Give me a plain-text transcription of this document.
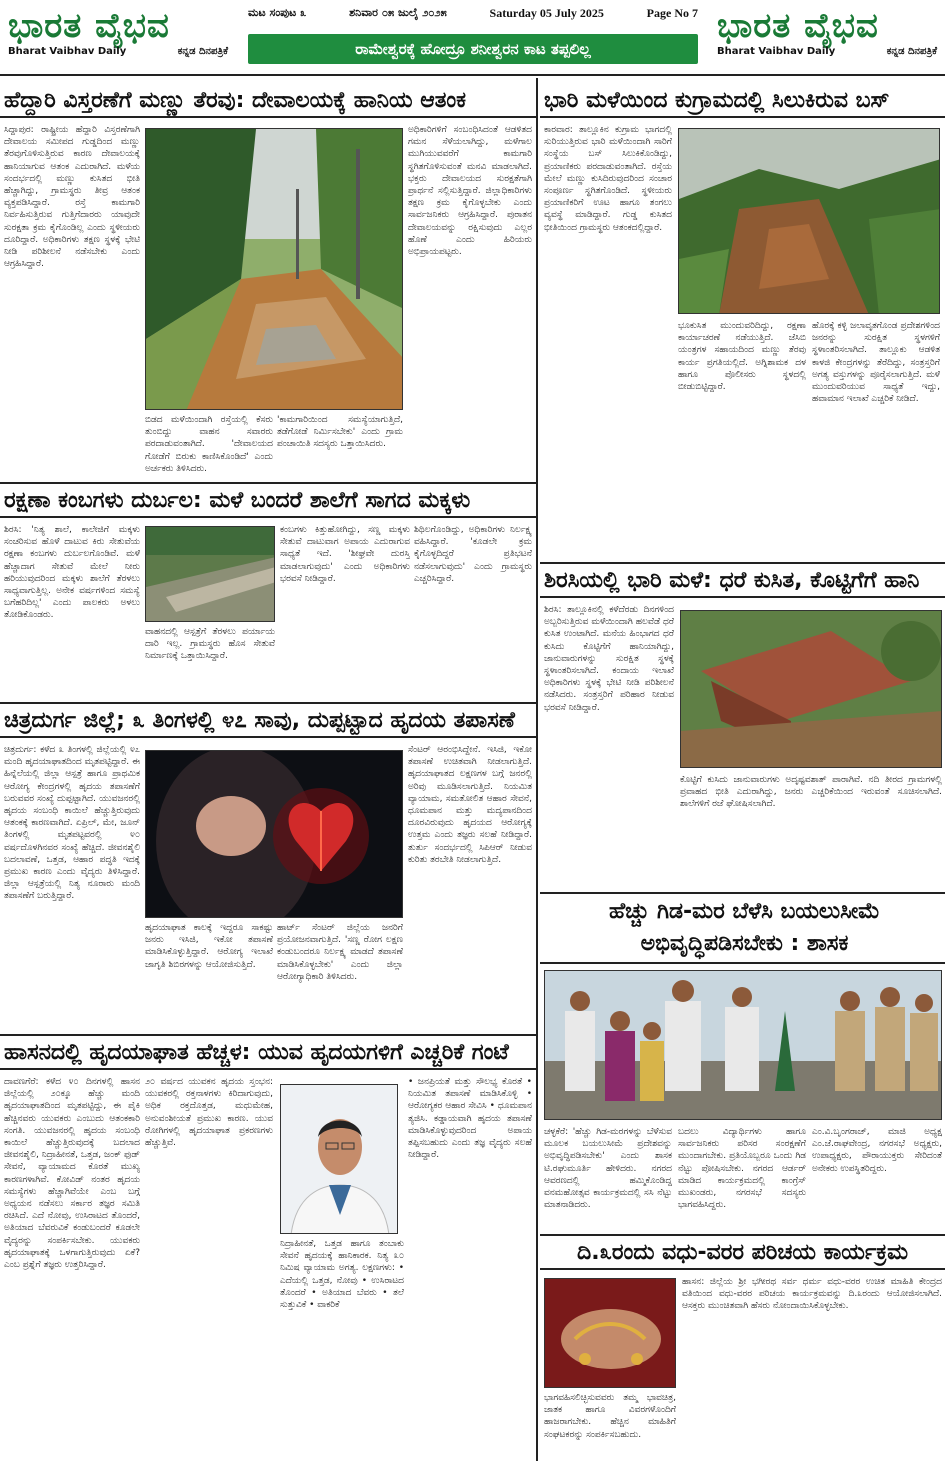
ಭಾರತ ವೈಭವ
Bharat Vaibhav Daily	ಕನ್ನಡ ದಿನಪತ್ರಿಕೆ
ಮಟ ಸಂಪುಟ ೩	ಶನಿವಾರ ೦೫ ಜುಲೈ ೨೦೨೫	Saturday 05 July 2025	Page No 7
ರಾಮೇಶ್ವರಕ್ಕೆ ಹೋದ್ರೂ ಶನೀಶ್ವರನ ಕಾಟ ತಪ್ಪಲಿಲ್ಲ
ಭಾರತ ವೈಭವ
Bharat Vaibhav Daily	ಕನ್ನಡ ದಿನಪತ್ರಿಕೆ
ಹೆದ್ದಾರಿ ವಿಸ್ತರಣೆಗೆ ಮಣ್ಣು ತೆರವು: ದೇವಾಲಯಕ್ಕೆ ಹಾನಿಯ ಆತಂಕ
ಸಿದ್ದಾಪುರ: ರಾಷ್ಟ್ರೀಯ ಹೆದ್ದಾರಿ ವಿಸ್ತರಣೆಗಾಗಿ ದೇವಾಲಯ ಸಮೀಪದ ಗುಡ್ಡದಿಂದ ಮಣ್ಣು ತೆರವುಗೊಳಿಸುತ್ತಿರುವ ಕಾರಣ ದೇವಾಲಯಕ್ಕೆ ಹಾನಿಯಾಗುವ ಆತಂಕ ಎದುರಾಗಿದೆ. ಮಳೆಯ ಸಂದರ್ಭದಲ್ಲಿ ಮಣ್ಣು ಕುಸಿತದ ಭೀತಿ ಹೆಚ್ಚಾಗಿದ್ದು, ಗ್ರಾಮಸ್ಥರು ತೀವ್ರ ಆತಂಕ ವ್ಯಕ್ತಪಡಿಸಿದ್ದಾರೆ. ರಸ್ತೆ ಕಾಮಗಾರಿ ನಿರ್ವಹಿಸುತ್ತಿರುವ ಗುತ್ತಿಗೆದಾರರು ಯಾವುದೇ ಸುರಕ್ಷತಾ ಕ್ರಮ ಕೈಗೊಂಡಿಲ್ಲ ಎಂದು ಸ್ಥಳೀಯರು ದೂರಿದ್ದಾರೆ. ಅಧಿಕಾರಿಗಳು ತಕ್ಷಣ ಸ್ಥಳಕ್ಕೆ ಭೇಟಿ ನೀಡಿ ಪರಿಶೀಲನೆ ನಡೆಸಬೇಕು ಎಂದು ಆಗ್ರಹಿಸಿದ್ದಾರೆ.
ಬಿಡದ ಮಳೆಯಿಂದಾಗಿ ರಸ್ತೆಯಲ್ಲಿ ಕೆಸರು ತುಂಬಿದ್ದು ವಾಹನ ಸವಾರರು ಪರದಾಡುವಂತಾಗಿದೆ. 'ದೇವಾಲಯದ ಗೋಡೆಗೆ ಬಿರುಕು ಕಾಣಿಸಿಕೊಂಡಿದೆ' ಎಂದು ಅರ್ಚಕರು ತಿಳಿಸಿದರು.
'ಕಾಮಗಾರಿಯಿಂದ ಸಮಸ್ಯೆಯಾಗುತ್ತಿದೆ, ತಡೆಗೋಡೆ ನಿರ್ಮಿಸಬೇಕು' ಎಂದು ಗ್ರಾಮ ಪಂಚಾಯಿತಿ ಸದಸ್ಯರು ಒತ್ತಾಯಿಸಿದರು.
ಅಧಿಕಾರಿಗಳಿಗೆ ಸಂಬಂಧಿಸಿದಂತೆ ಆಡಳಿತದ ಗಮನ ಸೆಳೆಯಲಾಗಿದ್ದು, ಮಳೆಗಾಲ ಮುಗಿಯುವವರೆಗೆ ಕಾಮಗಾರಿ ಸ್ಥಗಿತಗೊಳಿಸುವಂತೆ ಮನವಿ ಮಾಡಲಾಗಿದೆ. ಭಕ್ತರು ದೇವಾಲಯದ ಸುರಕ್ಷತೆಗಾಗಿ ಪ್ರಾರ್ಥನೆ ಸಲ್ಲಿಸುತ್ತಿದ್ದಾರೆ. ಜಿಲ್ಲಾಧಿಕಾರಿಗಳು ತಕ್ಷಣ ಕ್ರಮ ಕೈಗೊಳ್ಳಬೇಕು ಎಂದು ಸಾರ್ವಜನಿಕರು ಆಗ್ರಹಿಸಿದ್ದಾರೆ. ಪುರಾತನ ದೇವಾಲಯವನ್ನು ರಕ್ಷಿಸುವುದು ಎಲ್ಲರ ಹೊಣೆ ಎಂದು ಹಿರಿಯರು ಅಭಿಪ್ರಾಯಪಟ್ಟರು.
ರಕ್ಷಣಾ ಕಂಬಗಳು ದುರ್ಬಲ: ಮಳೆ ಬಂದರೆ ಶಾಲೆಗೆ ಸಾಗದ ಮಕ್ಕಳು
ಶಿರಸಿ: 'ನಿತ್ಯ ಶಾಲೆ, ಕಾಲೇಜಿಗೆ ಮಕ್ಕಳು ಸಂಚರಿಸುವ ಹೊಳೆ ದಾಟುವ ಕಿರು ಸೇತುವೆಯ ರಕ್ಷಣಾ ಕಂಬಗಳು ದುರ್ಬಲಗೊಂಡಿವೆ. ಮಳೆ ಹೆಚ್ಚಾದಾಗ ಸೇತುವೆ ಮೇಲೆ ನೀರು ಹರಿಯುವುದರಿಂದ ಮಕ್ಕಳು ಶಾಲೆಗೆ ತೆರಳಲು ಸಾಧ್ಯವಾಗುತ್ತಿಲ್ಲ. ಅನೇಕ ವರ್ಷಗಳಿಂದ ಸಮಸ್ಯೆ ಬಗೆಹರಿದಿಲ್ಲ' ಎಂದು ಪಾಲಕರು ಅಳಲು ತೋಡಿಕೊಂಡರು.
ವಾಹನದಲ್ಲಿ ಆಸ್ಪತ್ರೆಗೆ ತೆರಳಲು ಪರ್ಯಾಯ ದಾರಿ ಇಲ್ಲ. ಗ್ರಾಮಸ್ಥರು ಹೊಸ ಸೇತುವೆ ನಿರ್ಮಾಣಕ್ಕೆ ಒತ್ತಾಯಿಸಿದ್ದಾರೆ.
ಕಂಬಗಳು ಕಿತ್ತುಹೋಗಿದ್ದು, ಸಣ್ಣ ಮಕ್ಕಳು ಸೇತುವೆ ದಾಟುವಾಗ ಅಪಾಯ ಎದುರಾಗುವ ಸಾಧ್ಯತೆ ಇದೆ. 'ಶೀಘ್ರವೇ ದುರಸ್ತಿ ಮಾಡಲಾಗುವುದು' ಎಂದು ಅಧಿಕಾರಿಗಳು ಭರವಸೆ ನೀಡಿದ್ದಾರೆ.
ಶಿಥಿಲಗೊಂಡಿದ್ದು, ಅಧಿಕಾರಿಗಳು ನಿರ್ಲಕ್ಷ್ಯ ವಹಿಸಿದ್ದಾರೆ. 'ಕೂಡಲೇ ಕ್ರಮ ಕೈಗೊಳ್ಳದಿದ್ದರೆ ಪ್ರತಿಭಟನೆ ನಡೆಸಲಾಗುವುದು' ಎಂದು ಗ್ರಾಮಸ್ಥರು ಎಚ್ಚರಿಸಿದ್ದಾರೆ.
ಚಿತ್ರದುರ್ಗ ಜಿಲ್ಲೆ; ೩ ತಿಂಗಳಲ್ಲಿ ೪೭ ಸಾವು, ದುಪ್ಪಟ್ಟಾದ ಹೃದಯ ತಪಾಸಣೆ
ಚಿತ್ರದುರ್ಗ: ಕಳೆದ ೩ ತಿಂಗಳಲ್ಲಿ ಜಿಲ್ಲೆಯಲ್ಲಿ ೪೭ ಮಂದಿ ಹೃದಯಾಘಾತದಿಂದ ಮೃತಪಟ್ಟಿದ್ದಾರೆ. ಈ ಹಿನ್ನೆಲೆಯಲ್ಲಿ ಜಿಲ್ಲಾ ಆಸ್ಪತ್ರೆ ಹಾಗೂ ಪ್ರಾಥಮಿಕ ಆರೋಗ್ಯ ಕೇಂದ್ರಗಳಲ್ಲಿ ಹೃದಯ ತಪಾಸಣೆಗೆ ಬರುವವರ ಸಂಖ್ಯೆ ದುಪ್ಪಟ್ಟಾಗಿದೆ. ಯುವಜನರಲ್ಲಿ ಹೃದಯ ಸಂಬಂಧಿ ಕಾಯಿಲೆ ಹೆಚ್ಚುತ್ತಿರುವುದು ಆತಂಕಕ್ಕೆ ಕಾರಣವಾಗಿದೆ. ಏಪ್ರಿಲ್, ಮೇ, ಜೂನ್ ತಿಂಗಳಲ್ಲಿ ಮೃತಪಟ್ಟವರಲ್ಲಿ ೪೦ ವರ್ಷದೊಳಗಿನವರ ಸಂಖ್ಯೆ ಹೆಚ್ಚಿದೆ. ಜೀವನಶೈಲಿ ಬದಲಾವಣೆ, ಒತ್ತಡ, ಆಹಾರ ಪದ್ಧತಿ ಇದಕ್ಕೆ ಪ್ರಮುಖ ಕಾರಣ ಎಂದು ವೈದ್ಯರು ತಿಳಿಸಿದ್ದಾರೆ. ಜಿಲ್ಲಾ ಆಸ್ಪತ್ರೆಯಲ್ಲಿ ನಿತ್ಯ ನೂರಾರು ಮಂದಿ ತಪಾಸಣೆಗೆ ಬರುತ್ತಿದ್ದಾರೆ.
ಹೃದಯಾಘಾತ ಕಾಲಕ್ಕೆ ಇದ್ದರೂ ಸಾಕಷ್ಟು ಜನರು ಇಸಿಜಿ, ಇಕೋ ತಪಾಸಣೆ ಮಾಡಿಸಿಕೊಳ್ಳುತ್ತಿದ್ದಾರೆ. ಆರೋಗ್ಯ ಇಲಾಖೆ ಜಾಗೃತಿ ಶಿಬಿರಗಳನ್ನು ಆಯೋಜಿಸುತ್ತಿದೆ.
ಹಾರ್ಟ್ ಸೆಂಟರ್ ಜಿಲ್ಲೆಯ ಜನರಿಗೆ ಪ್ರಯೋಜನವಾಗುತ್ತಿದೆ. 'ಸಣ್ಣ ರೋಗ ಲಕ್ಷಣ ಕಂಡುಬಂದರೂ ನಿರ್ಲಕ್ಷ್ಯ ಮಾಡದೆ ತಪಾಸಣೆ ಮಾಡಿಸಿಕೊಳ್ಳಬೇಕು' ಎಂದು ಜಿಲ್ಲಾ ಆರೋಗ್ಯಾಧಿಕಾರಿ ತಿಳಿಸಿದರು.
ಸೆಂಟರ್ ಆರಂಭಿಸಿದ್ದೇನೆ. ಇಸಿಜಿ, ಇಕೋ ತಪಾಸಣೆ ಉಚಿತವಾಗಿ ನೀಡಲಾಗುತ್ತಿದೆ. ಹೃದಯಾಘಾತದ ಲಕ್ಷಣಗಳ ಬಗ್ಗೆ ಜನರಲ್ಲಿ ಅರಿವು ಮೂಡಿಸಲಾಗುತ್ತಿದೆ. ನಿಯಮಿತ ವ್ಯಾಯಾಮ, ಸಮತೋಲಿತ ಆಹಾರ ಸೇವನೆ, ಧೂಮಪಾನ ಮತ್ತು ಮದ್ಯಪಾನದಿಂದ ದೂರವಿರುವುದು ಹೃದಯದ ಆರೋಗ್ಯಕ್ಕೆ ಉತ್ತಮ ಎಂದು ತಜ್ಞರು ಸಲಹೆ ನೀಡಿದ್ದಾರೆ. ತುರ್ತು ಸಂದರ್ಭದಲ್ಲಿ ಸಿಪಿಆರ್ ನೀಡುವ ಕುರಿತು ತರಬೇತಿ ನೀಡಲಾಗುತ್ತಿದೆ.
ಹಾಸನದಲ್ಲಿ ಹೃದಯಾಘಾತ ಹೆಚ್ಚಳ: ಯುವ ಹೃದಯಗಳಿಗೆ ಎಚ್ಚರಿಕೆ ಗಂಟೆ
ದಾವಣಗೆರೆ: ಕಳೆದ ೪೦ ದಿನಗಳಲ್ಲಿ ಹಾಸನ ಜಿಲ್ಲೆಯಲ್ಲಿ ೨೦ಕ್ಕೂ ಹೆಚ್ಚು ಮಂದಿ ಹೃದಯಾಘಾತದಿಂದ ಮೃತಪಟ್ಟಿದ್ದು, ಈ ಪೈಕಿ ಹೆಚ್ಚಿನವರು ಯುವಕರು ಎಂಬುದು ಆತಂಕಕಾರಿ ಸಂಗತಿ. ಯುವಜನರಲ್ಲಿ ಹೃದಯ ಸಂಬಂಧಿ ಕಾಯಿಲೆ ಹೆಚ್ಚುತ್ತಿರುವುದಕ್ಕೆ ಬದಲಾದ ಜೀವನಶೈಲಿ, ನಿದ್ರಾಹೀನತೆ, ಒತ್ತಡ, ಜಂಕ್ ಫುಡ್ ಸೇವನೆ, ವ್ಯಾಯಾಮದ ಕೊರತೆ ಮುಖ್ಯ ಕಾರಣಗಳಾಗಿವೆ. ಕೋವಿಡ್ ನಂತರ ಹೃದಯ ಸಮಸ್ಯೆಗಳು ಹೆಚ್ಚಾಗಿವೆಯೇ ಎಂಬ ಬಗ್ಗೆ ಅಧ್ಯಯನ ನಡೆಸಲು ಸರ್ಕಾರ ತಜ್ಞರ ಸಮಿತಿ ರಚಿಸಿದೆ. ಎದೆ ನೋವು, ಉಸಿರಾಟದ ತೊಂದರೆ, ಅತಿಯಾದ ಬೆವರುವಿಕೆ ಕಂಡುಬಂದರೆ ಕೂಡಲೇ ವೈದ್ಯರನ್ನು ಸಂಪರ್ಕಿಸಬೇಕು. ಯುವಕರು ಹೃದಯಾಘಾತಕ್ಕೆ ಒಳಗಾಗುತ್ತಿರುವುದು ಏಕೆ? ಎಂಬ ಪ್ರಶ್ನೆಗೆ ತಜ್ಞರು ಉತ್ತರಿಸಿದ್ದಾರೆ.
೨೦ ವರ್ಷದ ಯುವಕನ ಹೃದಯ ಸ್ತಂಭನ: ಯುವಕರಲ್ಲಿ ರಕ್ತನಾಳಗಳು ಕಿರಿದಾಗುವುದು, ಅಧಿಕ ರಕ್ತದೊತ್ತಡ, ಮಧುಮೇಹ, ಅನುವಂಶೀಯತೆ ಪ್ರಮುಖ ಕಾರಣ. ಯುವ ರೋಗಿಗಳಲ್ಲಿ ಹೃದಯಾಘಾತ ಪ್ರಕರಣಗಳು ಹೆಚ್ಚುತ್ತಿವೆ.
ನಿದ್ರಾಹೀನತೆ, ಒತ್ತಡ ಹಾಗೂ ತಂಬಾಕು ಸೇವನೆ ಹೃದಯಕ್ಕೆ ಹಾನಿಕಾರಕ. ನಿತ್ಯ ೩೦ ನಿಮಿಷ ವ್ಯಾಯಾಮ ಅಗತ್ಯ. ಲಕ್ಷಣಗಳು: • ಎದೆಯಲ್ಲಿ ಒತ್ತಡ, ನೋವು • ಉಸಿರಾಟದ ತೊಂದರೆ • ಅತಿಯಾದ ಬೆವರು • ತಲೆ ಸುತ್ತುವಿಕೆ • ವಾಕರಿಕೆ
• ಜನಪ್ರಿಯತೆ ಮತ್ತು ಸೌಲಭ್ಯ ಕೊರತೆ • ನಿಯಮಿತ ತಪಾಸಣೆ ಮಾಡಿಸಿಕೊಳ್ಳಿ • ಆರೋಗ್ಯಕರ ಆಹಾರ ಸೇವಿಸಿ • ಧೂಮಪಾನ ತ್ಯಜಿಸಿ. ಕಡ್ಡಾಯವಾಗಿ ಹೃದಯ ತಪಾಸಣೆ ಮಾಡಿಸಿಕೊಳ್ಳುವುದರಿಂದ ಅಪಾಯ ತಪ್ಪಿಸಬಹುದು ಎಂದು ತಜ್ಞ ವೈದ್ಯರು ಸಲಹೆ ನೀಡಿದ್ದಾರೆ.
ಭಾರಿ ಮಳೆಯಿಂದ ಕುಗ್ರಾಮದಲ್ಲಿ ಸಿಲುಕಿರುವ ಬಸ್
ಕಾರವಾರ: ತಾಲ್ಲೂಕಿನ ಕುಗ್ರಾಮ ಭಾಗದಲ್ಲಿ ಸುರಿಯುತ್ತಿರುವ ಭಾರಿ ಮಳೆಯಿಂದಾಗಿ ಸಾರಿಗೆ ಸಂಸ್ಥೆಯ ಬಸ್ ಸಿಲುಕಿಕೊಂಡಿದ್ದು, ಪ್ರಯಾಣಿಕರು ಪರದಾಡುವಂತಾಗಿದೆ. ರಸ್ತೆಯ ಮೇಲೆ ಮಣ್ಣು ಕುಸಿದಿರುವುದರಿಂದ ಸಂಚಾರ ಸಂಪೂರ್ಣ ಸ್ಥಗಿತಗೊಂಡಿದೆ. ಸ್ಥಳೀಯರು ಪ್ರಯಾಣಿಕರಿಗೆ ಊಟ ಹಾಗೂ ತಂಗಲು ವ್ಯವಸ್ಥೆ ಮಾಡಿದ್ದಾರೆ. ಗುಡ್ಡ ಕುಸಿತದ ಭೀತಿಯಿಂದ ಗ್ರಾಮಸ್ಥರು ಆತಂಕದಲ್ಲಿದ್ದಾರೆ.
ಭೂಕುಸಿತ ಮುಂದುವರಿದಿದ್ದು, ರಕ್ಷಣಾ ಕಾರ್ಯಾಚರಣೆ ನಡೆಯುತ್ತಿದೆ. ಜೆಸಿಬಿ ಯಂತ್ರಗಳ ಸಹಾಯದಿಂದ ಮಣ್ಣು ತೆರವು ಕಾರ್ಯ ಪ್ರಗತಿಯಲ್ಲಿದೆ. ಅಗ್ನಿಶಾಮಕ ದಳ ಹಾಗೂ ಪೊಲೀಸರು ಸ್ಥಳದಲ್ಲಿ ಬೀಡುಬಿಟ್ಟಿದ್ದಾರೆ.
ಹೊರಕ್ಕೆ ಕಳ್ಳಿ ಜಲಾವೃತಗೊಂಡ ಪ್ರದೇಶಗಳಿಂದ ಜನರನ್ನು ಸುರಕ್ಷಿತ ಸ್ಥಳಗಳಿಗೆ ಸ್ಥಳಾಂತರಿಸಲಾಗಿದೆ. ತಾಲ್ಲೂಕು ಆಡಳಿತ ಕಾಳಜಿ ಕೇಂದ್ರಗಳನ್ನು ತೆರೆದಿದ್ದು, ಸಂತ್ರಸ್ತರಿಗೆ ಅಗತ್ಯ ವಸ್ತುಗಳನ್ನು ಪೂರೈಸಲಾಗುತ್ತಿದೆ. ಮಳೆ ಮುಂದುವರಿಯುವ ಸಾಧ್ಯತೆ ಇದ್ದು, ಹವಾಮಾನ ಇಲಾಖೆ ಎಚ್ಚರಿಕೆ ನೀಡಿದೆ.
ಶಿರಸಿಯಲ್ಲಿ ಭಾರಿ ಮಳೆ: ಧರೆ ಕುಸಿತ, ಕೊಟ್ಟಿಗೆಗೆ ಹಾನಿ
ಶಿರಸಿ: ತಾಲ್ಲೂಕಿನಲ್ಲಿ ಕಳೆದೆರಡು ದಿನಗಳಿಂದ ಅಬ್ಬರಿಸುತ್ತಿರುವ ಮಳೆಯಿಂದಾಗಿ ಹಲವೆಡೆ ಧರೆ ಕುಸಿತ ಉಂಟಾಗಿದೆ. ಮನೆಯ ಹಿಂಭಾಗದ ಧರೆ ಕುಸಿದು ಕೊಟ್ಟಿಗೆಗೆ ಹಾನಿಯಾಗಿದ್ದು, ಜಾನುವಾರುಗಳನ್ನು ಸುರಕ್ಷಿತ ಸ್ಥಳಕ್ಕೆ ಸ್ಥಳಾಂತರಿಸಲಾಗಿದೆ. ಕಂದಾಯ ಇಲಾಖೆ ಅಧಿಕಾರಿಗಳು ಸ್ಥಳಕ್ಕೆ ಭೇಟಿ ನೀಡಿ ಪರಿಶೀಲನೆ ನಡೆಸಿದರು. ಸಂತ್ರಸ್ತರಿಗೆ ಪರಿಹಾರ ನೀಡುವ ಭರವಸೆ ನೀಡಿದ್ದಾರೆ.
ಕೊಟ್ಟಿಗೆ ಕುಸಿದು ಜಾನುವಾರುಗಳು ಅದೃಷ್ಟವಶಾತ್ ಪಾರಾಗಿವೆ. ನದಿ ತೀರದ ಗ್ರಾಮಗಳಲ್ಲಿ ಪ್ರವಾಹದ ಭೀತಿ ಎದುರಾಗಿದ್ದು, ಜನರು ಎಚ್ಚರಿಕೆಯಿಂದ ಇರುವಂತೆ ಸೂಚಿಸಲಾಗಿದೆ. ಶಾಲೆಗಳಿಗೆ ರಜೆ ಘೋಷಿಸಲಾಗಿದೆ.
ಹೆಚ್ಚು ಗಿಡ-ಮರ ಬೆಳೆಸಿ ಬಯಲುಸೀಮೆ ಅಭಿವೃದ್ಧಿಪಡಿಸಬೇಕು : ಶಾಸಕ
ಚಳ್ಳಕೆರೆ: 'ಹೆಚ್ಚು ಗಿಡ-ಮರಗಳನ್ನು ಬೆಳೆಸುವ ಮೂಲಕ ಬಯಲುಸೀಮೆ ಪ್ರದೇಶವನ್ನು ಅಭಿವೃದ್ಧಿಪಡಿಸಬೇಕು' ಎಂದು ಶಾಸಕ ಟಿ.ರಘುಮೂರ್ತಿ ಹೇಳಿದರು. ನಗರದ ಆವರಣದಲ್ಲಿ ಹಮ್ಮಿಕೊಂಡಿದ್ದ ವನಮಹೋತ್ಸವ ಕಾರ್ಯಕ್ರಮದಲ್ಲಿ ಸಸಿ ನೆಟ್ಟು ಮಾತನಾಡಿದರು.
ಬದಲು ವಿದ್ಯಾರ್ಥಿಗಳು ಹಾಗೂ ಸಾರ್ವಜನಿಕರು ಪರಿಸರ ಸಂರಕ್ಷಣೆಗೆ ಮುಂದಾಗಬೇಕು. ಪ್ರತಿಯೊಬ್ಬರೂ ಒಂದು ಗಿಡ ನೆಟ್ಟು ಪೋಷಿಸಬೇಕು. ನಗರದ ಆರ್ಡರ್ ಮಾಡಿದ ಕಾರ್ಯಕ್ರಮದಲ್ಲಿ ಕಾಂಗ್ರೆಸ್ ಮುಖಂಡರು, ನಗರಸಭೆ ಸದಸ್ಯರು ಭಾಗವಹಿಸಿದ್ದರು.
ಎಂ.ವಿ.ಬೃಂಗರಾಜ್, ಮಾಜಿ ಅಧ್ಯಕ್ಷ ಎಂ.ಜೆ.ರಾಘವೇಂದ್ರ, ನಗರಸಭೆ ಅಧ್ಯಕ್ಷರು, ಉಪಾಧ್ಯಕ್ಷರು, ಪೌರಾಯುಕ್ತರು ಸೇರಿದಂತೆ ಅನೇಕರು ಉಪಸ್ಥಿತರಿದ್ದರು.
ದಿ.೩ರಂದು ವಧು-ವರರ ಪರಿಚಯ ಕಾರ್ಯಕ್ರಮ
ಭಾಗವಹಿಸಲಿಚ್ಛಿಸುವವರು ತಮ್ಮ ಭಾವಚಿತ್ರ, ಜಾತಕ ಹಾಗೂ ವಿವರಗಳೊಂದಿಗೆ ಹಾಜರಾಗಬೇಕು. ಹೆಚ್ಚಿನ ಮಾಹಿತಿಗೆ ಸಂಘಟಕರನ್ನು ಸಂಪರ್ಕಿಸಬಹುದು.
ಹಾಸನ: ಜಿಲ್ಲೆಯ ಶ್ರೀ ಭಗೀರಥ ಸರ್ವ ಧರ್ಮ ವಧು-ವರರ ಉಚಿತ ಮಾಹಿತಿ ಕೇಂದ್ರದ ವತಿಯಿಂದ ವಧು-ವರರ ಪರಿಚಯ ಕಾರ್ಯಕ್ರಮವನ್ನು ದಿ.೩ರಂದು ಆಯೋಜಿಸಲಾಗಿದೆ. ಆಸಕ್ತರು ಮುಂಚಿತವಾಗಿ ಹೆಸರು ನೋಂದಾಯಿಸಿಕೊಳ್ಳಬೇಕು.
